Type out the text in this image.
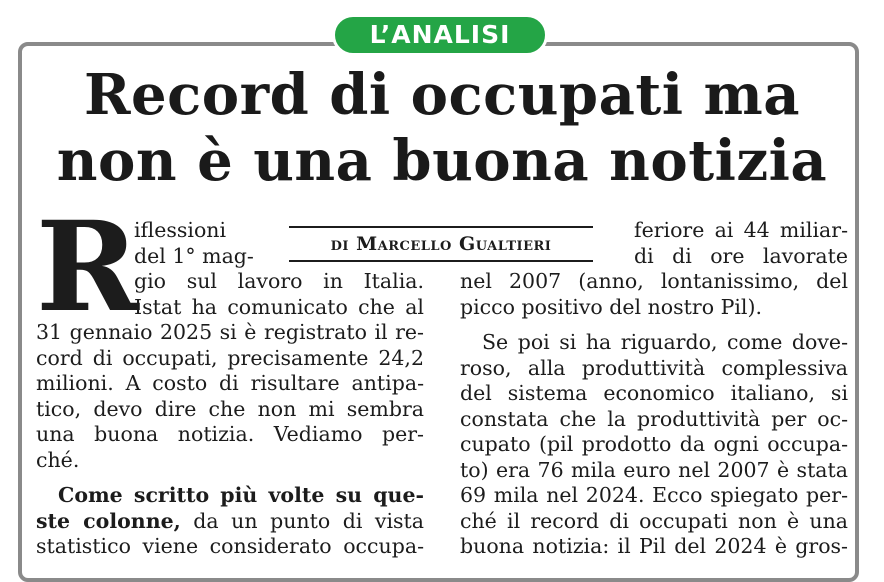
L’ANALISI
Record di occupati ma
non è una buona notizia
R	di Marcello Gualtieri
iflessioni
del 1° mag-
gio sul lavoro in Italia.
Istat ha comunicato che al
31 gennaio 2025 si è registrato il re-
cord di occupati, precisamente 24,2
milioni. A costo di risultare antipa-
tico, devo dire che non mi sembra
una buona notizia. Vediamo per-
ché.
Come scritto più volte su que-
ste colonne, da un punto di vista
statistico viene considerato occupa-
feriore ai 44 miliar-
di di ore lavorate
nel 2007 (anno, lontanissimo, del
picco positivo del nostro Pil).
Se poi si ha riguardo, come dove-
roso, alla produttività complessiva
del sistema economico italiano, si
constata che la produttività per oc-
cupato (pil prodotto da ogni occupa-
to) era 76 mila euro nel 2007 è stata
69 mila nel 2024. Ecco spiegato per-
ché il record di occupati non è una
buona notizia: il Pil del 2024 è gros-
